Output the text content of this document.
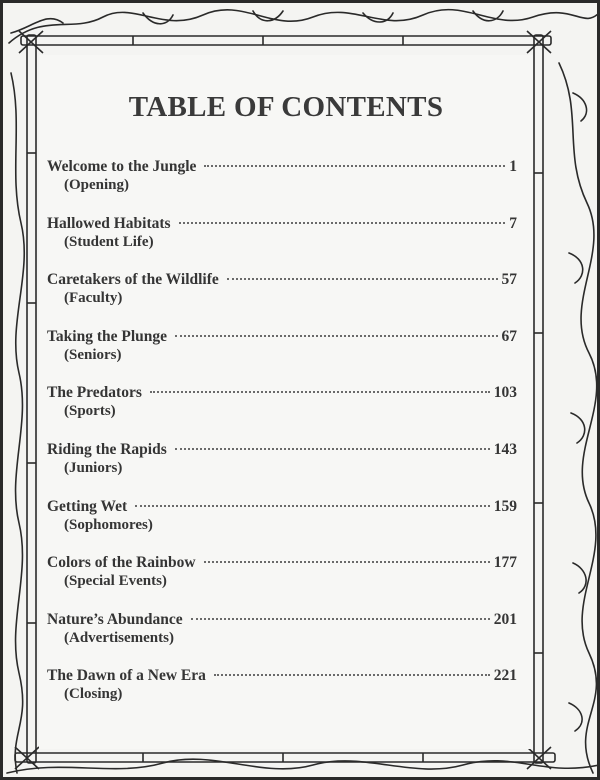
TABLE OF CONTENTS
Welcome to the Jungle	1
(Opening)
Hallowed Habitats	7
(Student Life)
Caretakers of the Wildlife	57
(Faculty)
Taking the Plunge	67
(Seniors)
The Predators	103
(Sports)
Riding the Rapids	143
(Juniors)
Getting Wet	159
(Sophomores)
Colors of the Rainbow	177
(Special Events)
Nature’s Abundance	201
(Advertisements)
The Dawn of a New Era	221
(Closing)
